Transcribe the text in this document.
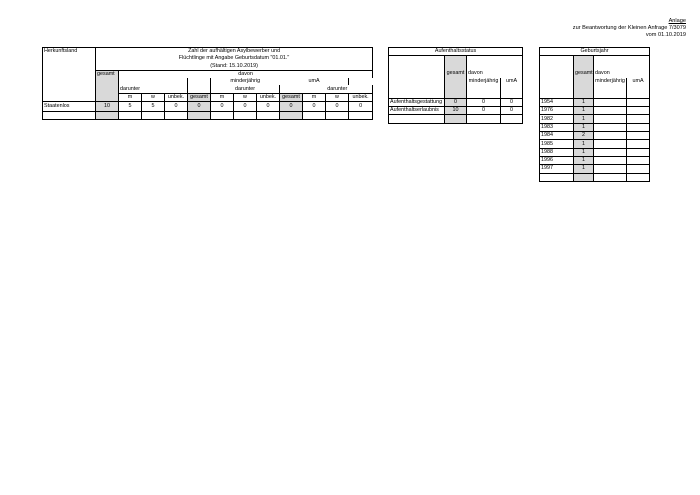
Anlage
zur Beantwortung der Kleinen Anfrage 7/3079
vom 01.10.2019
Herkunftsland	Zahl der aufhältigen Asylbewerber und											
	Flüchtlinge mit Angabe Geburtsdatum "01.01."											
	(Stand: 15.10.2019)											
	gesamt	davon										
						minderjährig				umA		
		darunter				darunter				darunter		
		m	w	unbek.	gesamt	m	w	unbek.	gesamt	m	w	unbek.
Staatenlos	10	5	5	0	0	0	0	0	0	0	0	0

Aufenthaltsstatus			

	gesamt	davon	
		minderjährig	umA

Aufenthaltsgestattung	0	0	0
Aufenthaltserlaubnis	10	0	0

Geburtsjahr			

	gesamt	davon	
		minderjährig	umA

1954	1		
1976	1		
1982	1		
1983	1		
1984	2		
1985	1		
1988	1		
1996	1		
1997	1		
